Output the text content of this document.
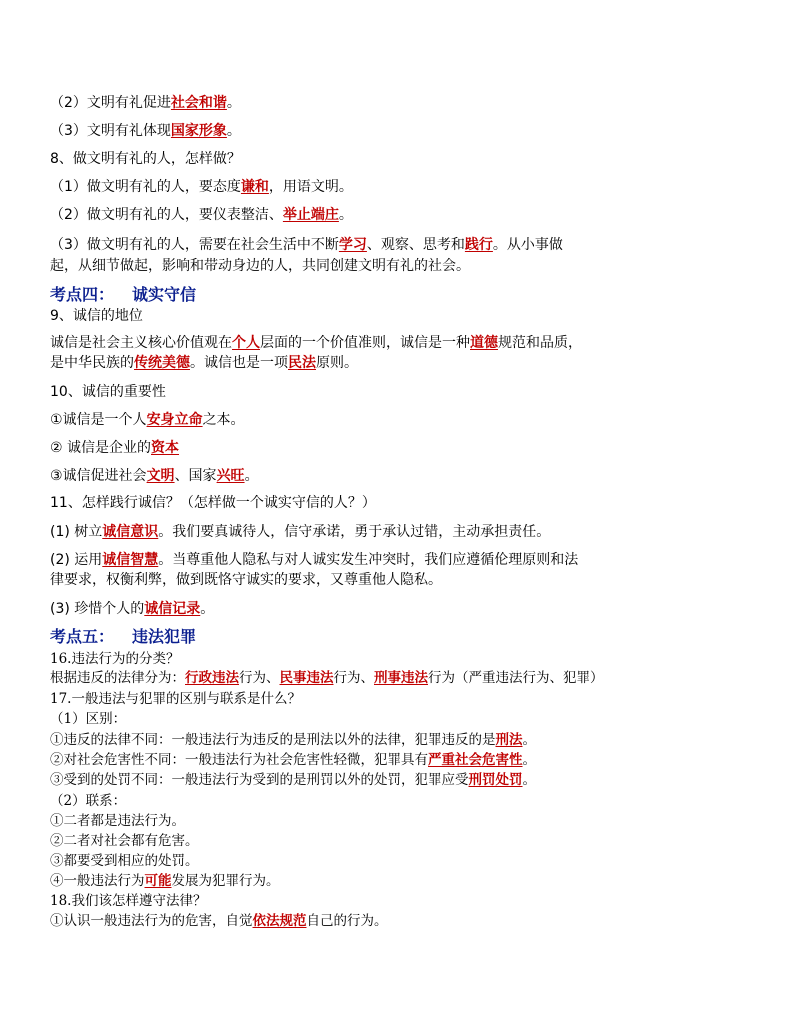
（2）文明有礼促进社会和谐。
（3）文明有礼体现国家形象。
8、做文明有礼的人，怎样做？
（1）做文明有礼的人，要态度谦和，用语文明。
（2）做文明有礼的人，要仪表整洁、举止端庄。
（3）做文明有礼的人，需要在社会生活中不断学习、观察、思考和践行。从小事做
起，从细节做起，影响和带动身边的人，共同创建文明有礼的社会。
考点四： 诚实守信
9、诚信的地位
诚信是社会主义核心价值观在个人层面的一个价值准则，诚信是一种道德规范和品质，
是中华民族的传统美德。诚信也是一项民法原则。
10、诚信的重要性
①诚信是一个人安身立命之本。
② 诚信是企业的资本
③诚信促进社会文明、国家兴旺。
11、怎样践行诚信？（怎样做一个诚实守信的人？）
(1) 树立诚信意识。我们要真诚待人，信守承诺，勇于承认过错，主动承担责任。
(2) 运用诚信智慧。当尊重他人隐私与对人诚实发生冲突时，我们应遵循伦理原则和法
律要求，权衡利弊，做到既恪守诚实的要求，又尊重他人隐私。
(3) 珍惜个人的诚信记录。
考点五： 违法犯罪
16.违法行为的分类？
根据违反的法律分为：行政违法行为、民事违法行为、刑事违法行为（严重违法行为、犯罪）
17.一般违法与犯罪的区别与联系是什么？
（1）区别：
①违反的法律不同：一般违法行为违反的是刑法以外的法律，犯罪违反的是刑法。
②对社会危害性不同：一般违法行为社会危害性轻微，犯罪具有严重社会危害性。
③受到的处罚不同：一般违法行为受到的是刑罚以外的处罚，犯罪应受刑罚处罚。
（2）联系：
①二者都是违法行为。
②二者对社会都有危害。
③都要受到相应的处罚。
④一般违法行为可能发展为犯罪行为。
18.我们该怎样遵守法律？
①认识一般违法行为的危害，自觉依法规范自己的行为。
